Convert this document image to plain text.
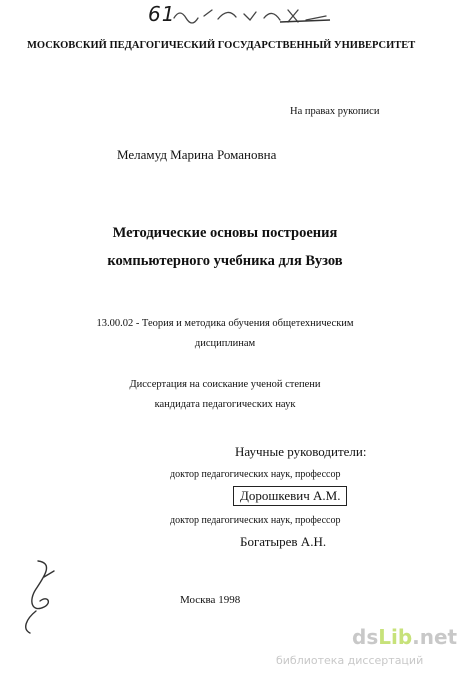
61
МОСКОВСКИЙ ПЕДАГОГИЧЕСКИЙ ГОСУДАРСТВЕННЫЙ УНИВЕРСИТЕТ
На правах рукописи
Меламуд Марина Романовна
Методические основы построения
компьютерного учебника для Вузов
13.00.02 - Теория и методика обучения общетехническим
дисциплинам
Диссертация на соискание ученой степени
кандидата педагогических наук
Научные руководители:
доктор педагогических наук, профессор
Дорошкевич А.М.
доктор педагогических наук, профессор
Богатырев А.Н.
Москва 1998
dsLib.net
библиотека диссертаций
